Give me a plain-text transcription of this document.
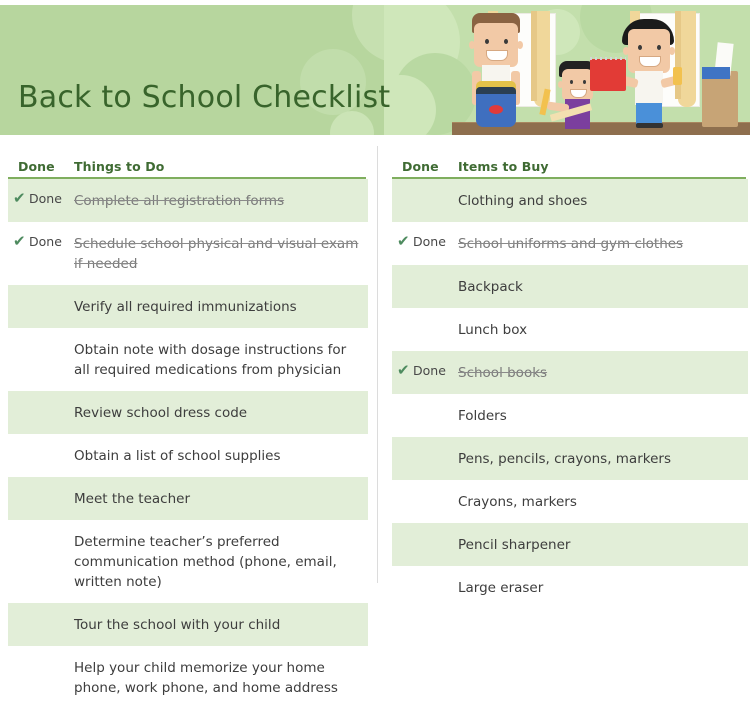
Back to School Checklist
Done	Things to Do
✔ Done Complete all registration forms
✔ Done Schedule school physical and visual exam if needed
Verify all required immunizations
Obtain note with dosage instructions for all required medications from physician
Review school dress code
Obtain a list of school supplies
Meet the teacher
Determine teacher’s preferred communication method (phone, email, written note)
Tour the school with your child
Help your child memorize your home phone, work phone, and home address
Done	Items to Buy
Clothing and shoes
✔ Done School uniforms and gym clothes
Backpack
Lunch box
✔ Done School books
Folders
Pens, pencils, crayons, markers
Crayons, markers
Pencil sharpener
Large eraser
